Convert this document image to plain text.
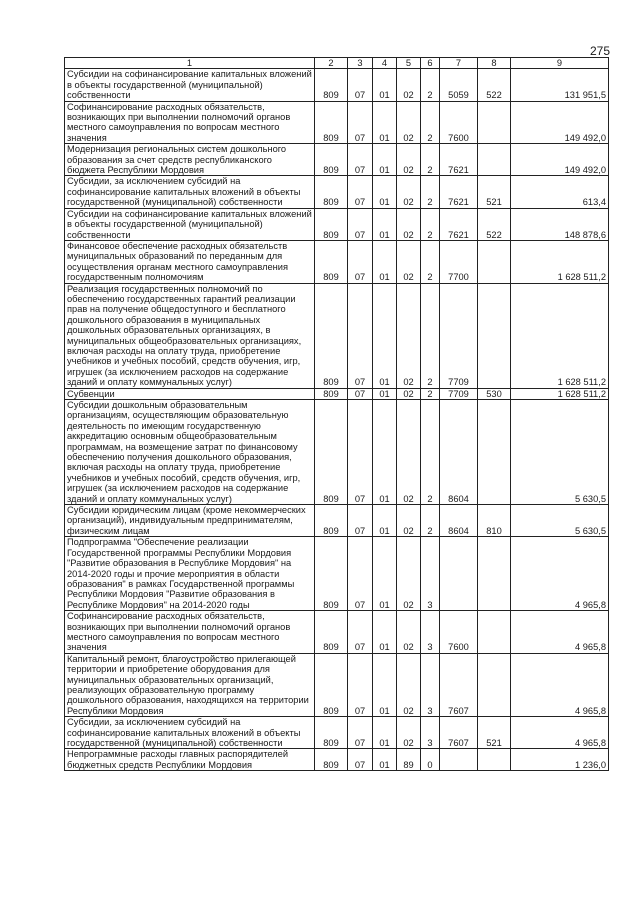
275
1	2	3	4	5	6	7	8	9
Субсидии на софинансирование капитальных вложений в объекты государственной (муниципальной) собственности	809	07	01	02	2	5059	522	131 951,5
Софинансирование расходных обязательств, возникающих при выполнении полномочий органов местного самоуправления по вопросам местного значения	809	07	01	02	2	7600		149 492,0
Модернизация региональных систем дошкольного образования за счет средств республиканского бюджета Республики Мордовия	809	07	01	02	2	7621		149 492,0
Субсидии, за исключением субсидий на софинансирование капитальных вложений в объекты государственной (муниципальной) собственности	809	07	01	02	2	7621	521	613,4
Субсидии на софинансирование капитальных вложений в объекты государственной (муниципальной) собственности	809	07	01	02	2	7621	522	148 878,6
Финансовое обеспечение расходных обязательств муниципальных образований по переданным для осуществления органам местного самоуправления государственным полномочиям	809	07	01	02	2	7700		1 628 511,2
Реализация государственных полномочий по обеспечению государственных гарантий реализации прав на получение общедоступного и бесплатного дошкольного образования в муниципальных дошкольных образовательных организациях, в муниципальных общеобразовательных организациях, включая расходы на оплату труда, приобретение учебников и учебных пособий, средств обучения, игр, игрушек (за исключением расходов на содержание зданий и оплату коммунальных услуг)	809	07	01	02	2	7709		1 628 511,2
Субвенции	809	07	01	02	2	7709	530	1 628 511,2
Субсидии дошкольным образовательным организациям, осуществляющим образовательную деятельность по имеющим государственную аккредитацию основным общеобразовательным программам, на возмещение затрат по финансовому обеспечению получения дошкольного образования, включая расходы на оплату труда, приобретение учебников и учебных пособий, средств обучения, игр, игрушек (за исключением расходов на содержание зданий и оплату коммунальных услуг)	809	07	01	02	2	8604		5 630,5
Субсидии юридическим лицам (кроме некоммерческих организаций), индивидуальным предпринимателям, физическим лицам	809	07	01	02	2	8604	810	5 630,5
Подпрограмма "Обеспечение реализации Государственной программы Республики Мордовия "Развитие образования в Республике Мордовия" на 2014-2020 годы и прочие мероприятия в области образования" в рамках Государственной программы Республики Мордовия "Развитие образования в Республике Мордовия" на 2014-2020 годы	809	07	01	02	3			4 965,8
Софинансирование расходных обязательств, возникающих при выполнении полномочий органов местного самоуправления по вопросам местного значения	809	07	01	02	3	7600		4 965,8
Капитальный ремонт, благоустройство прилегающей территории и приобретение оборудования для муниципальных образовательных организаций, реализующих образовательную программу дошкольного образования, находящихся на территории Республики Мордовия	809	07	01	02	3	7607		4 965,8
Субсидии, за исключением субсидий на софинансирование капитальных вложений в объекты государственной (муниципальной) собственности	809	07	01	02	3	7607	521	4 965,8
Непрограммные расходы главных распорядителей бюджетных средств Республики Мордовия	809	07	01	89	0			1 236,0
